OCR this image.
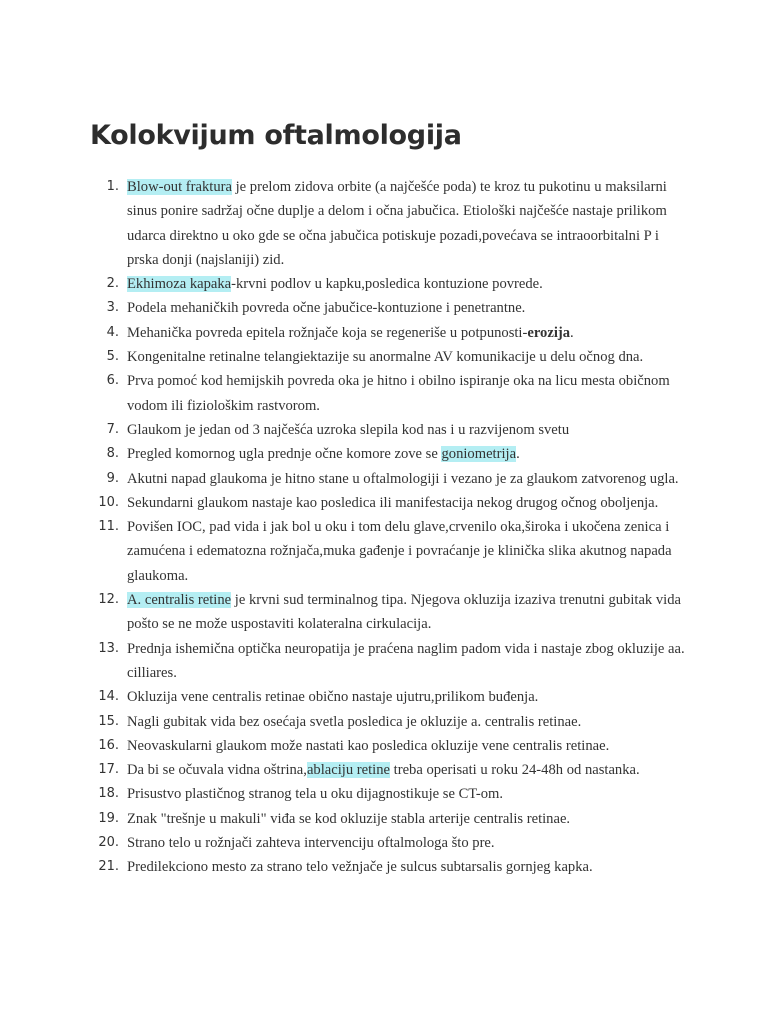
Kolokvijum oftalmologija
1. Blow-out fraktura je prelom zidova orbite (a najčešće poda) te kroz tu pukotinu u maksilarni sinus ponire sadržaj očne duplje a delom i očna jabučica. Etiološki najčešće nastaje prilikom udarca direktno u oko gde se očna jabučica potiskuje pozadi,povećava se intraoorbitalni P i prska donji (najslaniji) zid.
2. Ekhimoza kapaka-krvni podlov u kapku,posledica kontuzione povrede.
3. Podela mehaničkih povreda očne jabučice-kontuzione i penetrantne.
4. Mehanička povreda epitela rožnjače koja se regeneriše u potpunosti-erozija.
5. Kongenitalne retinalne telangiektazije su anormalne AV komunikacije u delu očnog dna.
6. Prva pomoć kod hemijskih povreda oka je hitno i obilno ispiranje oka na licu mesta običnom vodom ili fiziološkim rastvorom.
7. Glaukom je jedan od 3 najčešća uzroka slepila kod nas i u razvijenom svetu
8. Pregled komornog ugla prednje očne komore zove se goniometrija.
9. Akutni napad glaukoma je hitno stane u oftalmologiji i vezano je za glaukom zatvorenog ugla.
10. Sekundarni glaukom nastaje kao posledica ili manifestacija nekog drugog očnog oboljenja.
11. Povišen IOC, pad vida i jak bol u oku i tom delu glave,crvenilo oka,široka i ukočena zenica i zamućena i edematozna rožnjača,muka gađenje i povraćanje je klinička slika akutnog napada glaukoma.
12. A. centralis retine je krvni sud terminalnog tipa. Njegova okluzija izaziva trenutni gubitak vida pošto se ne može uspostaviti kolateralna cirkulacija.
13. Prednja ishemična optička neuropatija je praćena naglim padom vida i nastaje zbog okluzije aa. cilliares.
14. Okluzija vene centralis retinae obično nastaje ujutru,prilikom buđenja.
15. Nagli gubitak vida bez osećaja svetla posledica je okluzije a. centralis retinae.
16. Neovaskularni glaukom može nastati kao posledica okluzije vene centralis retinae.
17. Da bi se očuvala vidna oštrina,ablaciju retine treba operisati u roku 24-48h od nastanka.
18. Prisustvo plastičnog stranog tela u oku dijagnostikuje se CT-om.
19. Znak "trešnje u makuli" viđa se kod okluzije stabla arterije centralis retinae.
20. Strano telo u rožnjači zahteva intervenciju oftalmologa što pre.
21. Predilekciono mesto za strano telo vežnjače je sulcus subtarsalis gornjeg kapka.
